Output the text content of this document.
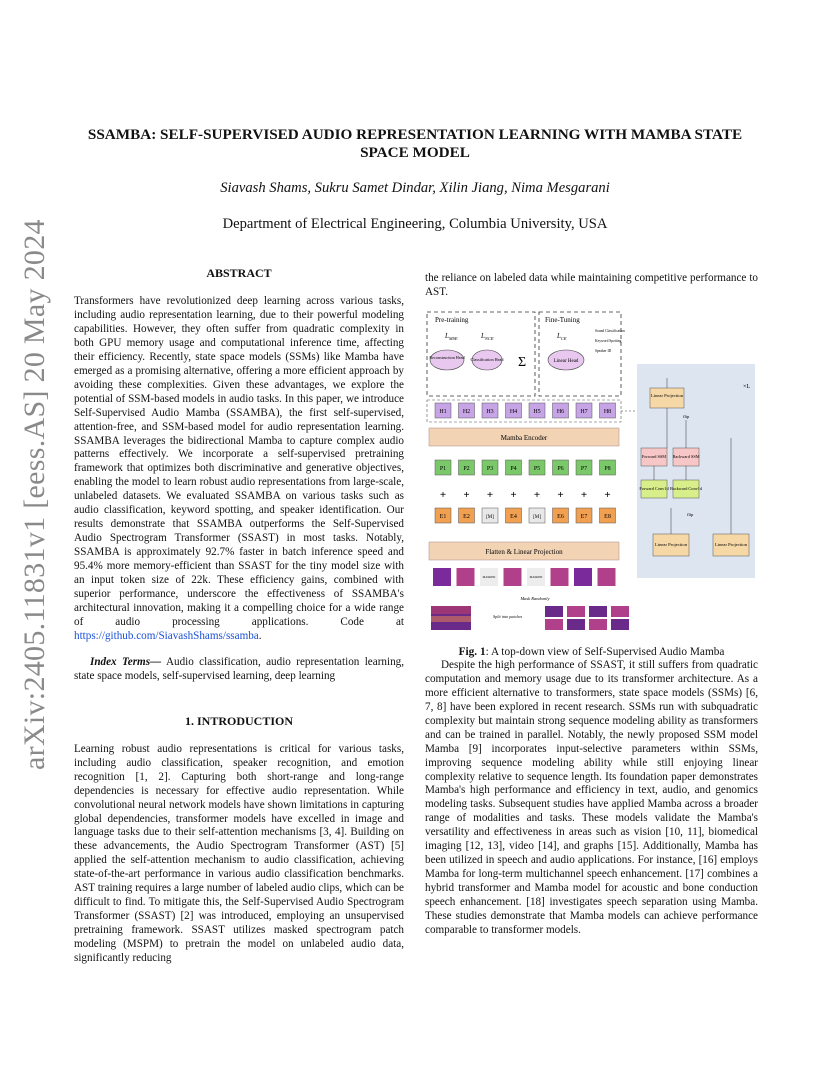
arXiv:2405.11831v1 [eess.AS] 20 May 2024
SSAMBA: SELF-SUPERVISED AUDIO REPRESENTATION LEARNING WITH MAMBA STATE SPACE MODEL
Siavash Shams, Sukru Samet Dindar, Xilin Jiang, Nima Mesgarani
Department of Electrical Engineering, Columbia University, USA
ABSTRACT

Transformers have revolutionized deep learning across various tasks, including audio representation learning, due to their powerful modeling capabilities. However, they often suffer from quadratic complexity in both GPU memory usage and computational inference time, affecting their efficiency. Recently, state space models (SSMs) like Mamba have emerged as a promising alternative, offering a more efficient approach by avoiding these complexities. Given these advantages, we explore the potential of SSM-based models in audio tasks. In this paper, we introduce Self-Supervised Audio Mamba (SSAMBA), the first self-supervised, attention-free, and SSM-based model for audio representation learning. SSAMBA leverages the bidirectional Mamba to capture complex audio patterns effectively. We incorporate a self-supervised pretraining framework that optimizes both discriminative and generative objectives, enabling the model to learn robust audio representations from large-scale, unlabeled datasets. We evaluated SSAMBA on various tasks such as audio classification, keyword spotting, and speaker identification. Our results demonstrate that SSAMBA outperforms the Self-Supervised Audio Spectrogram Transformer (SSAST) in most tasks. Notably, SSAMBA is approximately 92.7% faster in batch inference speed and 95.4% more memory-efficient than SSAST for the tiny model size with an input token size of 22k. These efficiency gains, combined with superior performance, underscore the effectiveness of SSAMBA's architectural innovation, making it a compelling choice for a wide range of audio processing applications. Code at https://github.com/SiavashShams/ssamba.

Index Terms— Audio classification, audio representation learning, state space models, self-supervised learning, deep learning

1. INTRODUCTION

Learning robust audio representations is critical for various tasks, including audio classification, speaker recognition, and emotion recognition [1, 2]. Capturing both short-range and long-range dependencies is necessary for effective audio representation. While convolutional neural network models have shown limitations in capturing global dependencies, transformer models have excelled in image and language tasks due to their self-attention mechanisms [3, 4]. Building on these advancements, the Audio Spectrogram Transformer (AST) [5] applied the self-attention mechanism to audio classification, achieving state-of-the-art performance in various audio classification benchmarks. AST training requires a large number of labeled audio clips, which can be difficult to find. To mitigate this, the Self-Supervised Audio Spectrogram Transformer (SSAST) [2] was introduced, employing an unsupervised pretraining framework. SSAST utilizes masked spectrogram patch modeling (MSPM) to pretrain the model on unlabeled audio data, significantly reducing

the reliance on labeled data while maintaining competitive performance to AST.

Pre-training	Fine-Tuning
$L_{MSE}$	$L_{NCE}$	$L_{CE}$
Reconstruction Head Classification Head Σ	Linear Head
Sound Classification
Keyword Spotting
Speaker ID
H1	H2	H3	H4	H5	H6	H7	H8
Mamba Encoder
P1	P2	P3	P4	P5	P6	P7	P8
+ + + + + + + +
E1	E2	[M]	E4	[M]	E6	E7	E8
Flatten & Linear Projection
MASKED	MASKED
Mask Randomly
Split into patches
×L
Linear Projection
flip
Forward SSM Backward SSM
Forward Conv1d Backward Conv1d
flip
Linear Projection	Linear Projection
Fig. 1: A top-down view of Self-Supervised Audio Mamba

Despite the high performance of SSAST, it still suffers from quadratic computation and memory usage due to its transformer architecture. As a more efficient alternative to transformers, state space models (SSMs) [6, 7, 8] have been explored in recent research. SSMs run with subquadratic complexity but maintain strong sequence modeling ability as transformers and can be trained in parallel. Notably, the newly proposed SSM model Mamba [9] incorporates input-selective parameters within SSMs, improving sequence modeling ability while still enjoying linear complexity relative to sequence length. Its foundation paper demonstrates Mamba's high performance and efficiency in text, audio, and genomics modeling tasks. Subsequent studies have applied Mamba across a broader range of modalities and tasks. These models validate the Mamba's versatility and effectiveness in areas such as vision [10, 11], biomedical imaging [12, 13], video [14], and graphs [15]. Additionally, Mamba has been utilized in speech and audio applications. For instance, [16] employs Mamba for long-term multichannel speech enhancement. [17] combines a hybrid transformer and Mamba model for acoustic and bone conduction speech enhancement. [18] investigates speech separation using Mamba. These studies demonstrate that Mamba models can achieve performance comparable to transformer models.
